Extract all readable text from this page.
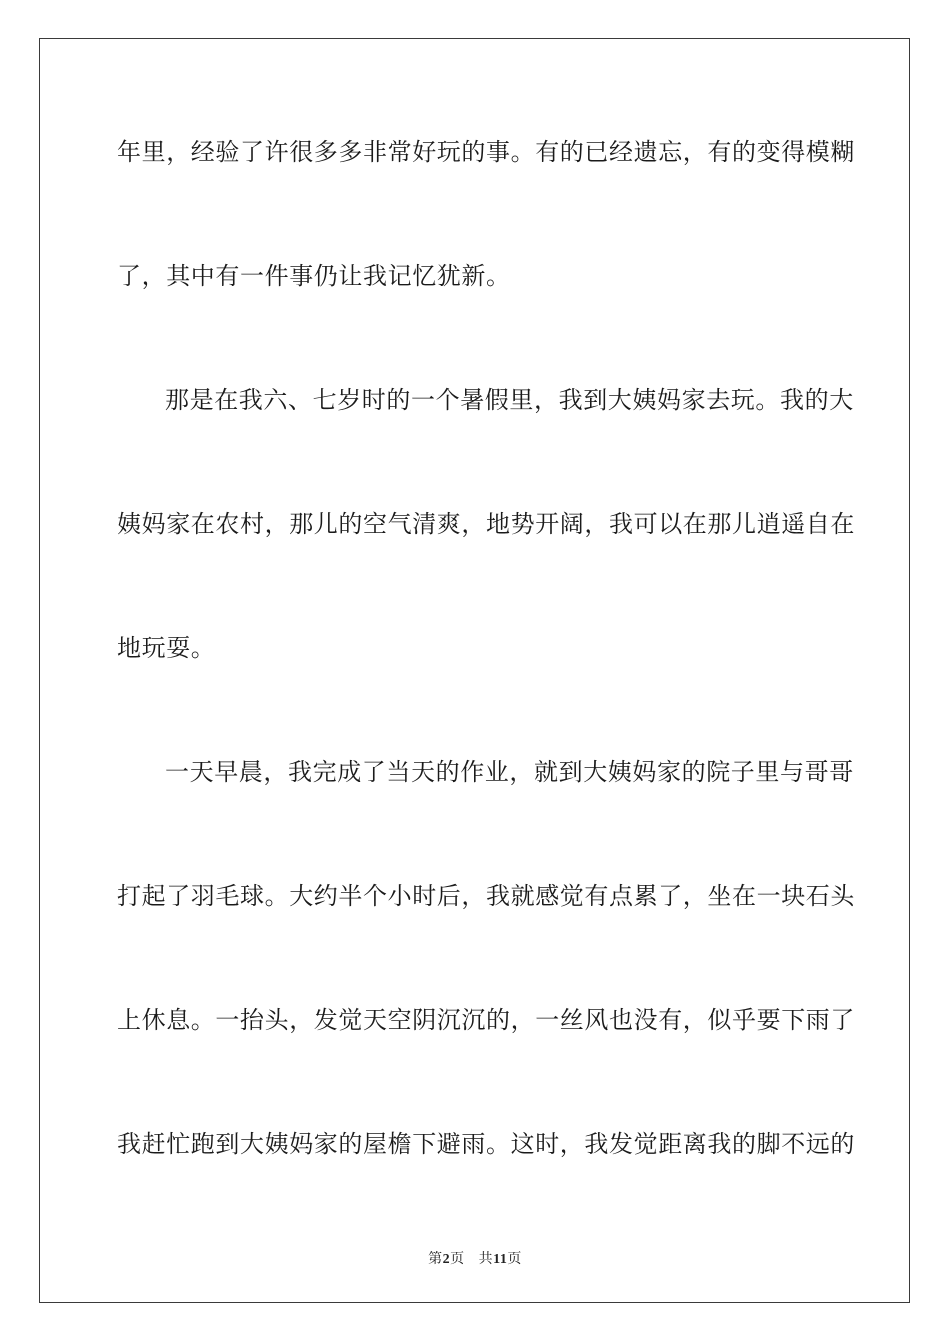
年里，经验了许很多多非常好玩的事。有的已经遗忘，有的变得模糊
了，其中有一件事仍让我记忆犹新。
那是在我六、七岁时的一个暑假里，我到大姨妈家去玩。我的大
姨妈家在农村，那儿的空气清爽，地势开阔，我可以在那儿逍遥自在
地玩耍。
一天早晨，我完成了当天的作业，就到大姨妈家的院子里与哥哥
打起了羽毛球。大约半个小时后，我就感觉有点累了，坐在一块石头
上休息。一抬头，发觉天空阴沉沉的，一丝风也没有，似乎要下雨了
我赶忙跑到大姨妈家的屋檐下避雨。这时，我发觉距离我的脚不远的
第2页 共11页
